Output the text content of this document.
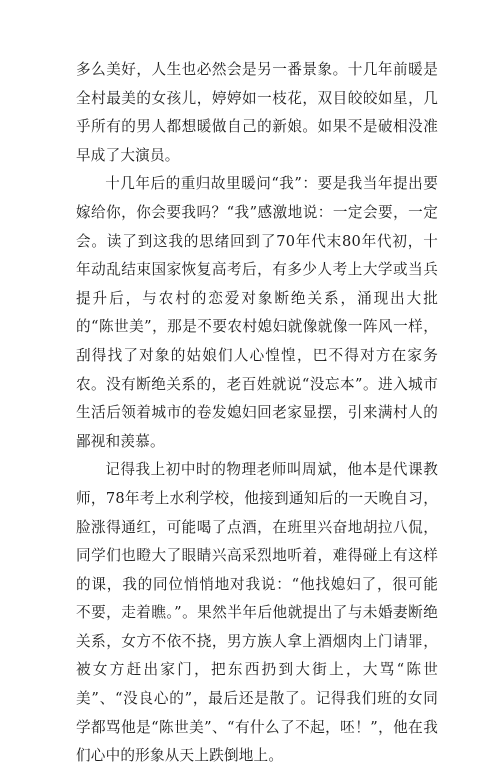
多么美好，人生也必然会是另一番景象。十几年前暖是全村最美的女孩儿，婷婷如一枝花，双目皎皎如星，几乎所有的男人都想暖做自己的新娘。如果不是破相没准早成了大演员。

十几年后的重归故里暖问“我”：要是我当年提出要嫁给你，你会要我吗？“我”感激地说：一定会要，一定会。读了到这我的思绪回到了70年代末80年代初，十年动乱结束国家恢复高考后，有多少人考上大学或当兵提升后，与农村的恋爱对象断绝关系，涌现出大批的“陈世美”，那是不要农村媳妇就像就像一阵风一样，刮得找了对象的姑娘们人心惶惶，巴不得对方在家务农。没有断绝关系的，老百姓就说“没忘本”。进入城市生活后领着城市的卷发媳妇回老家显摆，引来满村人的鄙视和羡慕。

记得我上初中时的物理老师叫周斌，他本是代课教师，78年考上水利学校，他接到通知后的一天晚自习，脸涨得通红，可能喝了点酒，在班里兴奋地胡拉八侃，同学们也瞪大了眼睛兴高采烈地听着，难得碰上有这样的课，我的同位悄悄地对我说：“他找媳妇了，很可能不要，走着瞧。”。果然半年后他就提出了与未婚妻断绝关系，女方不依不挠，男方族人拿上酒烟肉上门请罪，被女方赶出家门，把东西扔到大街上，大骂“陈世美”、“没良心的”，最后还是散了。记得我们班的女同学都骂他是“陈世美”、“有什么了不起，呸！”，他在我们心中的形象从天上跌倒地上。
